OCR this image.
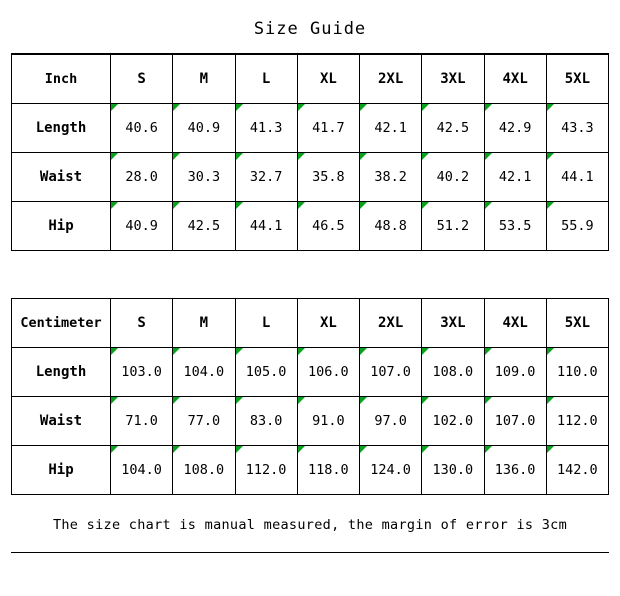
Size Guide
Inch	S	M	L	XL	2XL	3XL	4XL	5XL
Length	40.6	40.9	41.3	41.7	42.1	42.5	42.9	43.3
Waist	28.0	30.3	32.7	35.8	38.2	40.2	42.1	44.1
Hip	40.9	42.5	44.1	46.5	48.8	51.2	53.5	55.9
Centimeter	S	M	L	XL	2XL	3XL	4XL	5XL
Length	103.0	104.0	105.0	106.0	107.0	108.0	109.0	110.0
Waist	71.0	77.0	83.0	91.0	97.0	102.0	107.0	112.0
Hip	104.0	108.0	112.0	118.0	124.0	130.0	136.0	142.0
The size chart is manual measured, the margin of error is 3cm
